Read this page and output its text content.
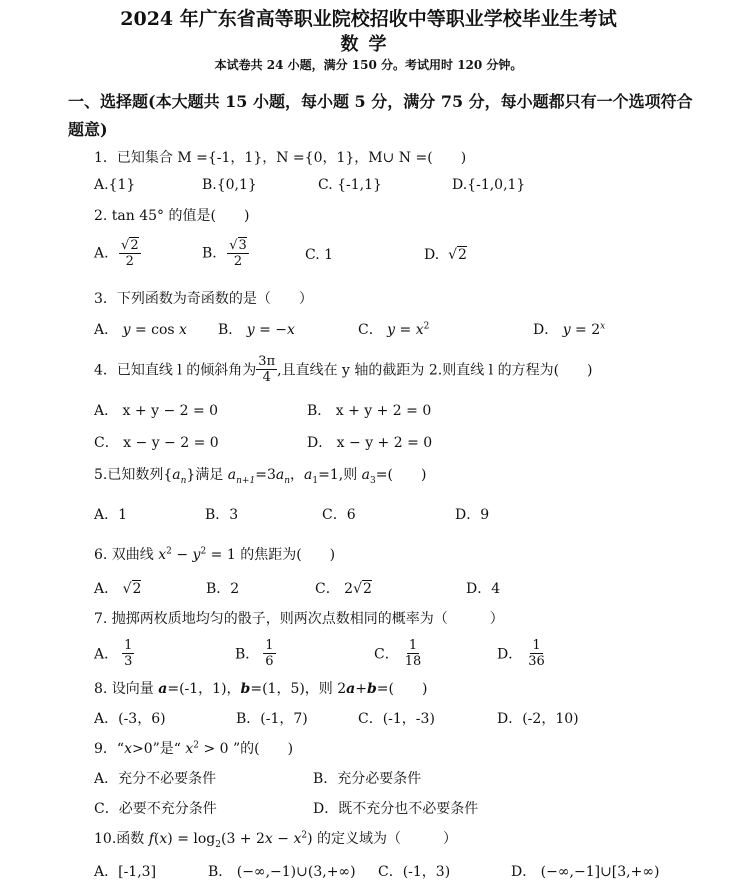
2024 年广东省高等职业院校招收中等职业学校毕业生考试
数学
本试卷共 24 小题，满分 150 分。考试用时 120 分钟。
一、选择题(本大题共 15 小题，每小题 5 分，满分 75 分，每小题都只有一个选项符合题意)
1．已知集合 M ={-1，1}，N ={0，1}，M∪ N =(　　)
A.{1}	B.{0,1}	C. {-1,1}	D.{-1,0,1}
2. tan 45° 的值是(　　)
A. $\frac{√2}{2}$	B. $\frac{√3}{2}$	C. 1	D.  √2
3．下列函数为奇函数的是（　　）
A． y = cos x B． y = −x	C． $y = x^2$	D． $y = 2^x$
4．已知直线 l 的倾斜角为 $\frac{3\pi}{4}$ ,且直线在 y 轴的截距为 2.则直线 l 的方程为(　　)
A． x + y − 2 = 0	B． x + y + 2 = 0
C． x − y − 2 = 0	D． x − y + 2 = 0
5.已知数列$\{a_n\}$满足 $a_{n+1}=3a_n$，$a_1=1$,则 $a_3=$(　　)
A．1	B．3	C．6	D．9
6. 双曲线 $x^2 - y^2 = 1$ 的焦距为(　　)
A． √2	B．2	C． 2√2	D．4
7. 抛掷两枚质地均匀的骰子，则两次点数相同的概率为（　　　）
A． $\frac{1}{3}$	B． $\frac{1}{6}$	C． $\frac{1}{18}$	D． $\frac{1}{36}$
8. 设向量 a=(-1，1)，b=(1，5)，则 2a+b=(　　)
A．(-3，6)	B．(-1，7)	C．(-1，-3)	D．(-2，10)
9．“x>0”是“ $x^2 > 0$ ”的(　　)
A．充分不必要条件	B．充分必要条件
C．必要不充分条件	D．既不充分也不必要条件
10.函数 $f(x) = \log_2(3 + 2x - x^2)$ 的定义域为（　　　）
A．[-1,3]	B． (−∞,−1)∪(3,+∞) C．(-1，3)	D． (−∞,−1]∪[3,+∞)
